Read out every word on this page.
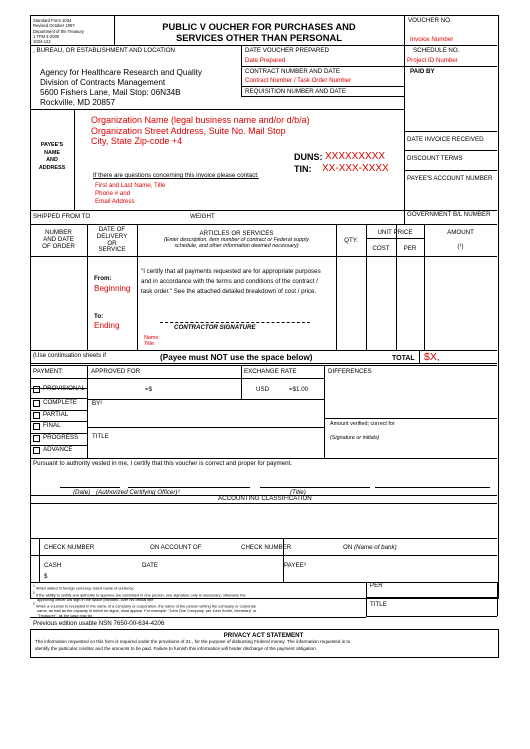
Standard Form 1034
Revised October 1987
Department of the Treasury
1 TFM 4-2000
1034-122
PUBLIC V OUCHER FOR PURCHASES AND
SERVICES OTHER THAN PERSONAL
VOUCHER NO.
Invoice Number
, BUREAU, OR ESTABLISHMENT AND LOCATION	DATE VOUCHER PREPARED
Date Prepared
SCHEDULE NO.
Project ID Number
CONTRACT NUMBER AND DATE
Contract Number / Task Order Number
PAID BY
REQUISITION NUMBER AND DATE
Agency for Healthcare Research and Quality
Division of Contracts Management
5600 Fishers Lane, Mail Stop: 06N34B
Rockville, MD 20857
PAYEE'S
NAME
AND
ADDRESS
Organization Name (legal business name and/or d/b/a)
Organization Street Address, Suite No. Mail Stop
City, State Zip-code +4
DUNS: XXXXXXXXX
TIN: XX-XXX-XXXX
If there are questions concerning this invoice please contact:
First and Last Name, Title
Phone # and
Email Address
DATE INVOICE RECEIVED
DISCOUNT TERMS
PAYEE'S ACCOUNT NUMBER
SHIPPED FROM TO	WEIGHT	GOVERNMENT B/L NUMBER
NUMBER
AND DATE
OF ORDER
DATE OF
DELIVERY
OR
SERVICE
ARTICLES OR SERVICES
(Enter description, item number of contract or Federal supply
schedule, and other information deemed necessary)
QTY.
UNIT PRICE
COST	PER
AMOUNT
(¹)
From:
Beginning
To:
Ending
"I certify that all payments requested are for appropriate purposes
and in accordance with the terms and conditions of the contract /
task order." See the attached detailed breakdown of cost / price.
CONTRACTOR SIGNATURE
Name:
Title:
(Use continuation sheets if	(Payee must NOT use the space below)	TOTAL $X,
PAYMENT:	APPROVED FOR
=$
EXCHANGE RATE
USD	=$1.00
DIFFERENCES
BY²
TITLE
Amount verified; correct for
(Signature or initials)
PROVISIONAL
COMPLETE
PARTIAL
FINAL
PROGRESS
ADVANCE
Pursuant to authority vested in me, I certify that this voucher is correct and proper for payment.
(Date) (Authorized Certifying Officer)²	(Title)
ACCOUNTING CLASSIFICATION
CHECK NUMBER	ON ACCOUNT OF	CHECK NUMBER	ON (Name of bank)
CASH
$
DATE	PAYEE³
PER
TITLE
$^1$ When stated in foreign currency, insert name of currency.
$^2$ If the ability to certify and authority to approve are combined in one person, one signature only is necessary; otherwise the
approving officer will sign in the space provided, over his official title.
$^3$ When a voucher is receipted in the name of a company or corporation, the name of the person writing the company or corporate
name, as well as the capacity in which he signs, must appear. For example: "John Doe Company, per John Smith, Secretary" or
"Treasurer", as the case may be.
Previous edition usable NSN 7650-00-634-4206
PRIVACY ACT STATEMENT
The information requested on this form is required under the provisions of 31 , for the purpose of disbursing Federal money. The information requested is to
identify the particular creditor and the amounts to be paid. Failure to furnish this information will hinder discharge of the payment obligation.
